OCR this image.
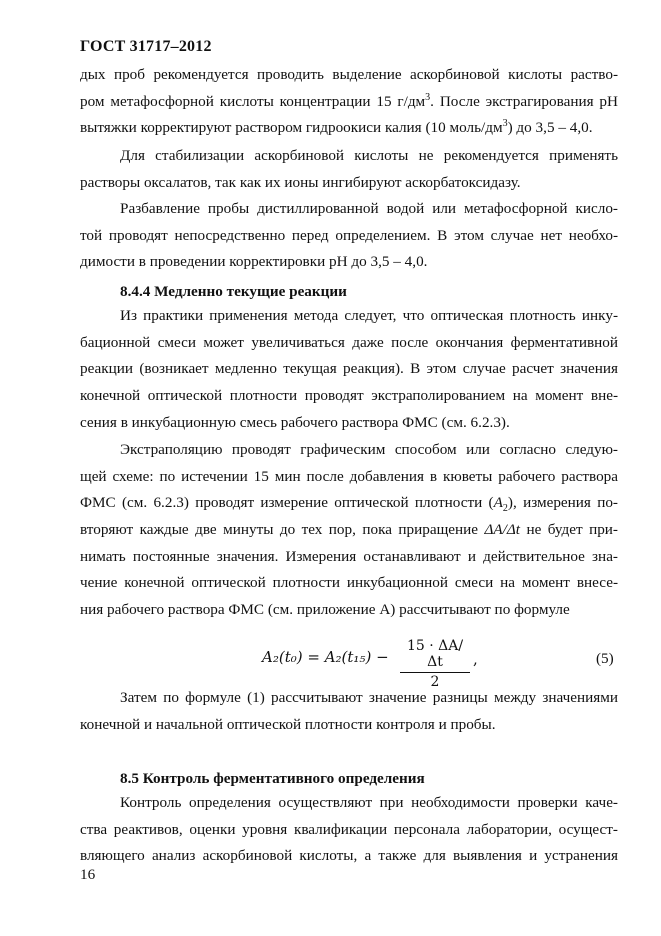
ГОСТ 31717–2012
дых проб рекомендуется проводить выделение аскорбиновой кислоты раство-
ром метафосфорной кислоты концентрации 15 $г/дм^3$. После экстрагирования рН
вытяжки корректируют раствором гидроокиси калия (10 моль/$дм^3$) до 3,5 – 4,0.
Для стабилизации аскорбиновой кислоты не рекомендуется применять
растворы оксалатов, так как их ионы ингибируют аскорбатоксидазу.
Разбавление пробы дистиллированной водой или метафосфорной кисло-
той проводят непосредственно перед определением. В этом случае нет необхо-
димости в проведении корректировки рН до 3,5 – 4,0.
8.4.4 Медленно текущие реакции
Из практики применения метода следует, что оптическая плотность инку-
бационной смеси может увеличиваться даже после окончания ферментативной
реакции (возникает медленно текущая реакция). В этом случае расчет значения
конечной оптической плотности проводят экстраполированием на момент вне-
сения в инкубационную смесь рабочего раствора ФМС (см. 6.2.3).
Экстраполяцию проводят графическим способом или согласно следую-
щей схеме: по истечении 15 мин после добавления в кюветы рабочего раствора
ФМС (см. 6.2.3) проводят измерение оптической плотности $(A_2)$, измерения по-
вторяют каждые две минуты до тех пор, пока приращение ΔA/Δt не будет при-
нимать постоянные значения. Измерения останавливают и действительное зна-
чение конечной оптической плотности инкубационной смеси на момент внесе-
ния рабочего раствора ФМС (см. приложение А) рассчитывают по формуле
A₂(t₀) = A₂(t₁₅) −
15 · ΔA/Δt
2
,	(5)
Затем по формуле (1) рассчитывают значение разницы между значениями
конечной и начальной оптической плотности контроля и пробы.
8.5 Контроль ферментативного определения
Контроль определения осуществляют при необходимости проверки каче-
ства реактивов, оценки уровня квалификации персонала лаборатории, осущест-
вляющего анализ аскорбиновой кислоты, а также для выявления и устранения
16
